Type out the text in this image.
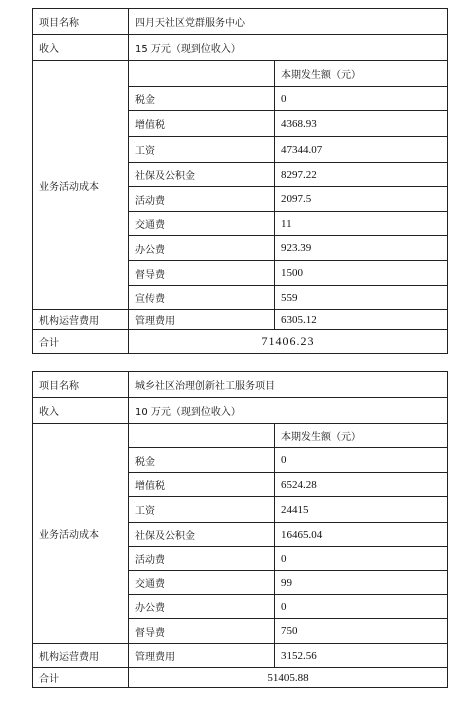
项目名称	四月天社区党群服务中心	
收入	15 万元（现到位收入）	
业务活动成本		本期发生额（元）
	税金	0
	增值税	4368.93
	工资	47344.07
	社保及公积金	8297.22
	活动费	2097.5
	交通费	11
	办公费	923.39
	督导费	1500
	宣传费	559
机构运营费用	管理费用	6305.12
合计	71406.23	
项目名称	城乡社区治理创新社工服务项目	
收入	10 万元（现到位收入）	
业务活动成本		本期发生额（元）
	税金	0
	增值税	6524.28
	工资	24415
	社保及公积金	16465.04
	活动费	0
	交通费	99
	办公费	0
	督导费	750
机构运营费用	管理费用	3152.56
合计	51405.88	
